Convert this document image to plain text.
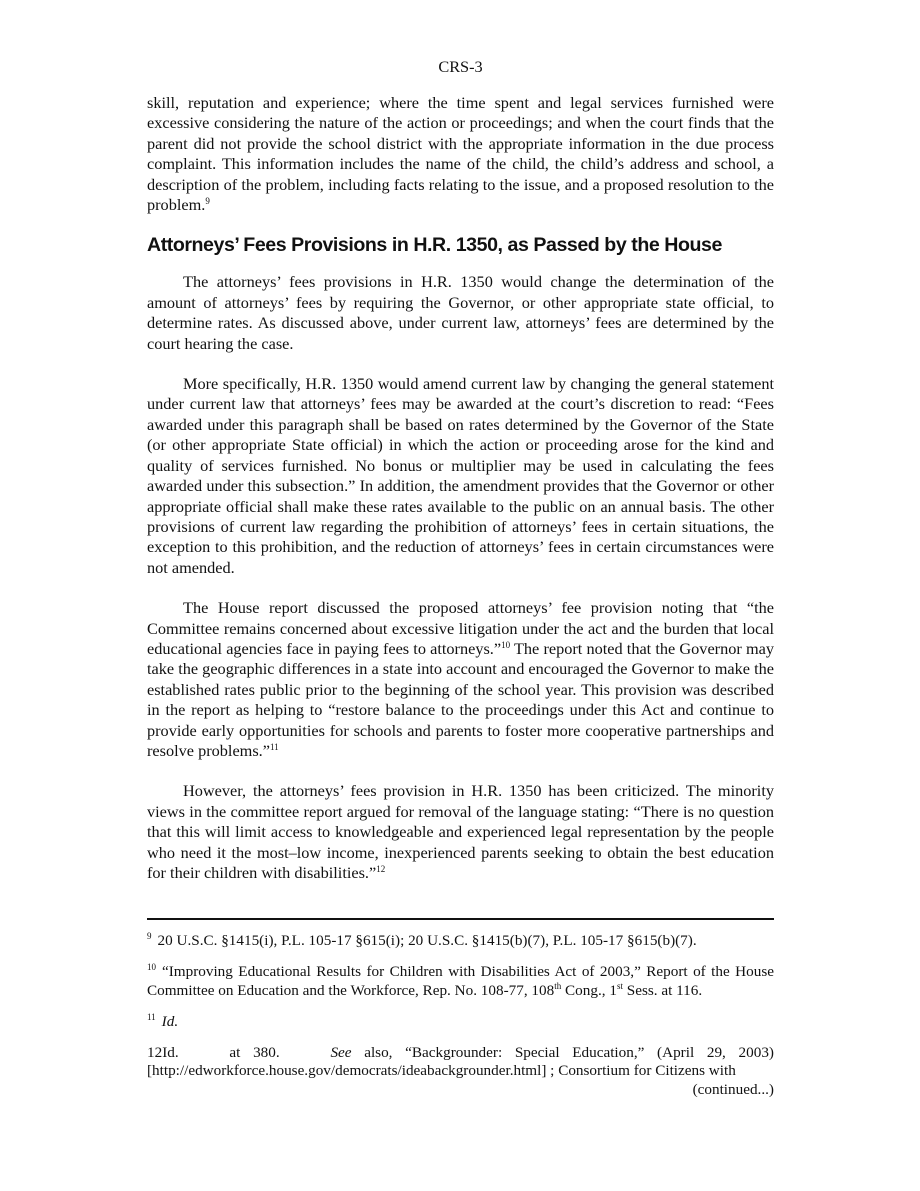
CRS-3

skill, reputation and experience; where the time spent and legal services furnished were excessive considering the nature of the action or proceedings; and when the court finds that the parent did not provide the school district with the appropriate information in the due process complaint. This information includes the name of the child, the child’s address and school, a description of the problem, including facts relating to the issue, and a proposed resolution to the problem.$^9$

Attorneys’ Fees Provisions in H.R. 1350, as Passed by the House

The attorneys’ fees provisions in H.R. 1350 would change the determination of the amount of attorneys’ fees by requiring the Governor, or other appropriate state official, to determine rates. As discussed above, under current law, attorneys’ fees are determined by the court hearing the case.

More specifically, H.R. 1350 would amend current law by changing the general statement under current law that attorneys’ fees may be awarded at the court’s discretion to read: “Fees awarded under this paragraph shall be based on rates determined by the Governor of the State (or other appropriate State official) in which the action or proceeding arose for the kind and quality of services furnished. No bonus or multiplier may be used in calculating the fees awarded under this subsection.” In addition, the amendment provides that the Governor or other appropriate official shall make these rates available to the public on an annual basis. The other provisions of current law regarding the prohibition of attorneys’ fees in certain situations, the exception to this prohibition, and the reduction of attorneys’ fees in certain circumstances were not amended.

The House report discussed the proposed attorneys’ fee provision noting that “the Committee remains concerned about excessive litigation under the act and the burden that local educational agencies face in paying fees to attorneys.”$^{10}$ The report noted that the Governor may take the geographic differences in a state into account and encouraged the Governor to make the established rates public prior to the beginning of the school year. This provision was described in the report as helping to “restore balance to the proceedings under this Act and continue to provide early opportunities for schools and parents to foster more cooperative partnerships and resolve problems.”$^{11}$

However, the attorneys’ fees provision in H.R. 1350 has been criticized. The minority views in the committee report argued for removal of the language stating: “There is no question that this will limit access to knowledgeable and experienced legal representation by the people who need it the most–low income, inexperienced parents seeking to obtain the best education for their children with disabilities.”$^{12}$

$^9$ 20 U.S.C. §1415(i), P.L. 105-17 §615(i); 20 U.S.C. §1415(b)(7), P.L. 105-17 §615(b)(7).

$^{10}$ “Improving Educational Results for Children with Disabilities Act of 2003,” Report of the House Committee on Education and the Workforce, Rep. No. 108-77, 108th Cong., 1st Sess. at 116.

$^{11}$ Id.

12Id.    at 380.    See also, “Backgrounder: Special Education,” (April 29, 2003) [http://edworkforce.house.gov/democrats/ideabackgrounder.html] ; Consortium for Citizens with

(continued...)
